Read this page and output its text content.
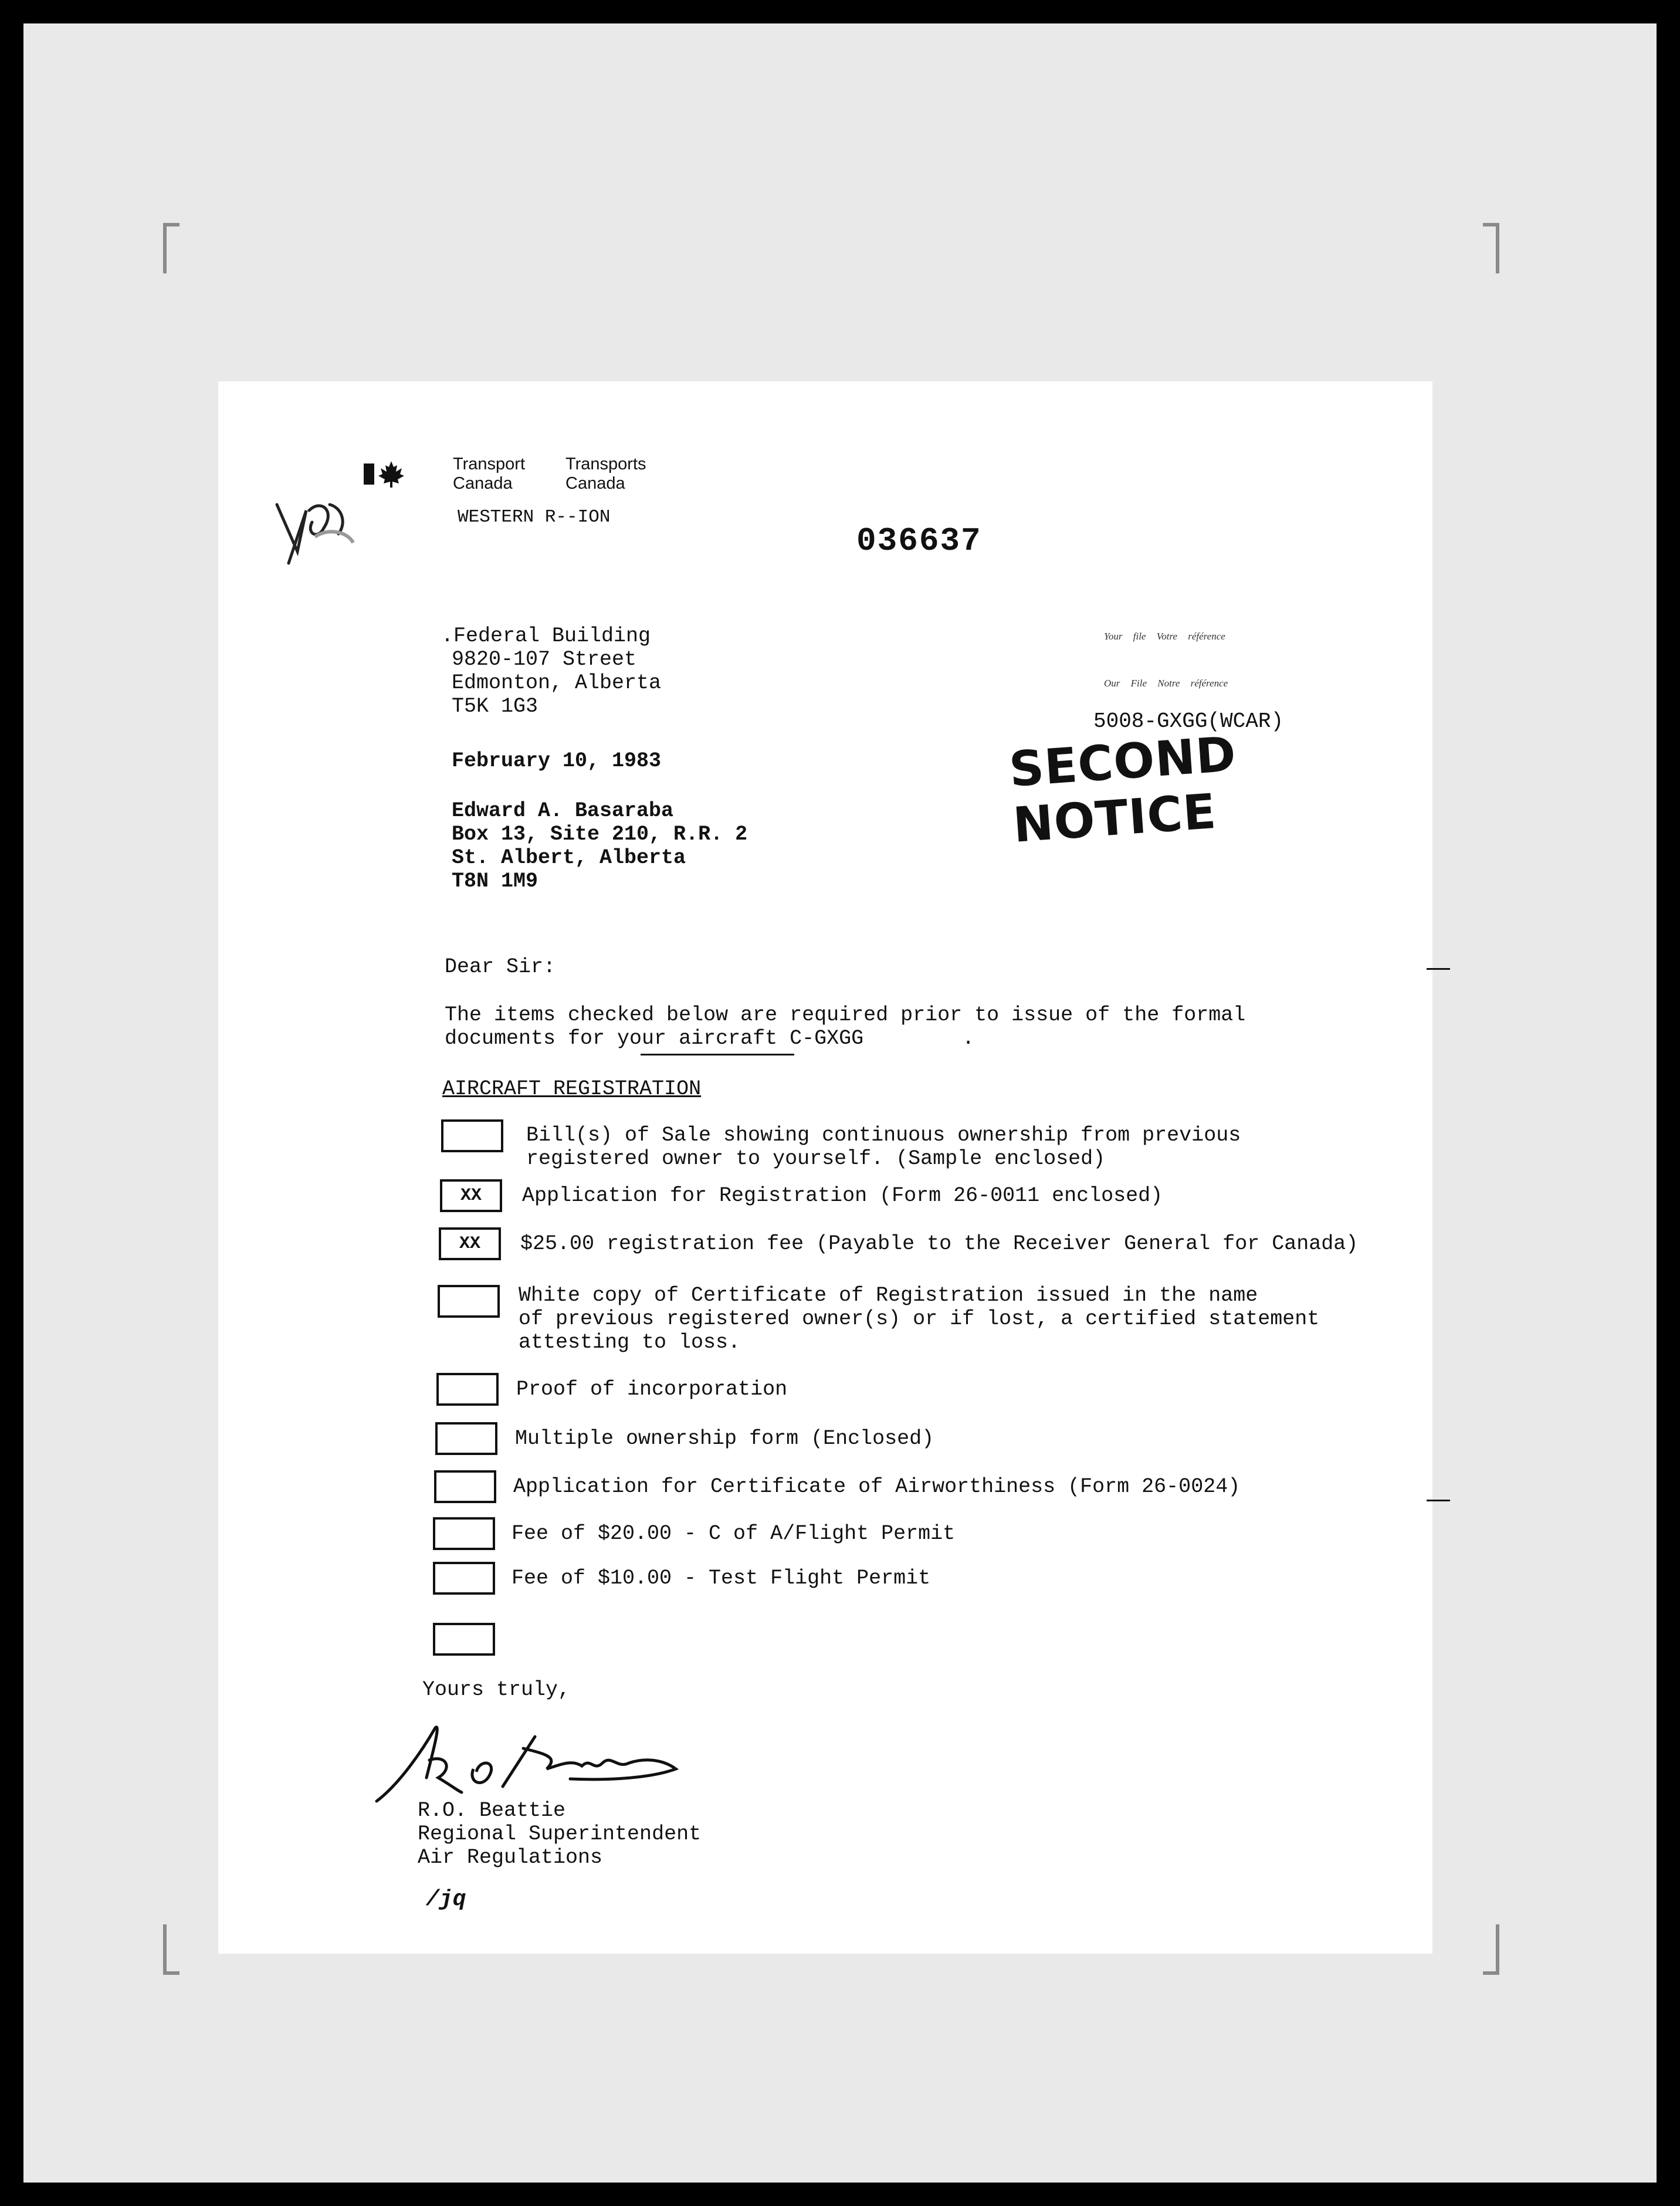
Transport
Canada
Transports
Canada
WESTERN R--ION
036637
.Federal Building
9820-107 Street
Edmonton, Alberta
T5K 1G3
Your file Votre référence
Our File Notre référence
5008-GXGG(WCAR)
SECOND NOTICE
February 10, 1983
Edward A. Basaraba
Box 13, Site 210, R.R. 2
St. Albert, Alberta
T8N 1M9
Dear Sir:
The items checked below are required prior to issue of the formal
documents for your aircraft C-GXGG        .
AIRCRAFT REGISTRATION
Bill(s) of Sale showing continuous ownership from previous
registered owner to yourself. (Sample enclosed)
XX	Application for Registration (Form 26-0011 enclosed)
XX	$25.00 registration fee (Payable to the Receiver General for Canada)
White copy of Certificate of Registration issued in the name
of previous registered owner(s) or if lost, a certified statement
attesting to loss.
Proof of incorporation
Multiple ownership form (Enclosed)
Application for Certificate of Airworthiness (Form 26-0024)
Fee of $20.00 - C of A/Flight Permit
Fee of $10.00 - Test Flight Permit
Yours truly,
R.O. Beattie
Regional Superintendent
Air Regulations
/jq
